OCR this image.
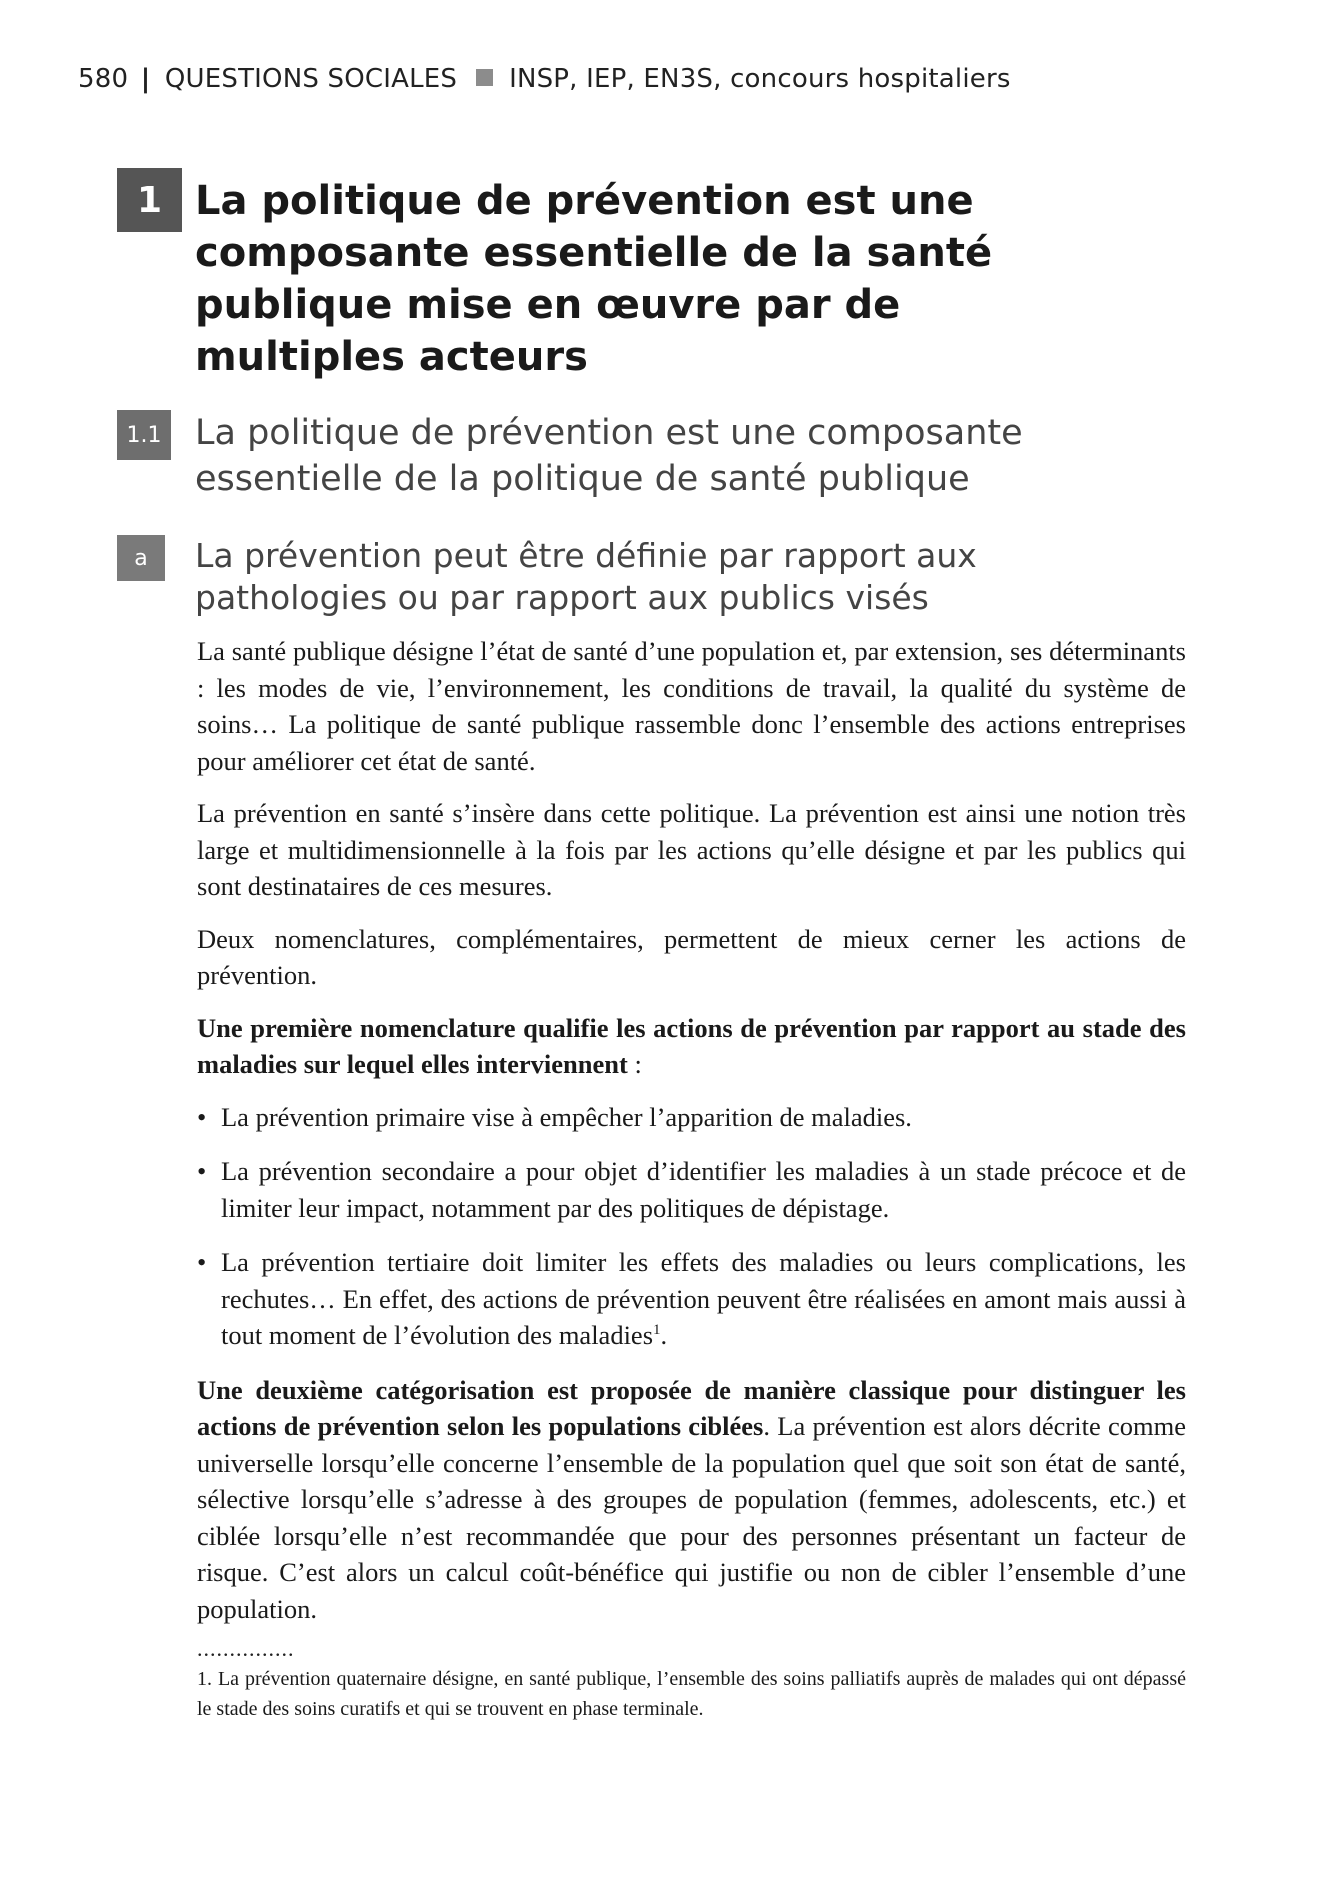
580 | QUESTIONS SOCIALES INSP, IEP, EN3S, concours hospitaliers
1 La politique de prévention est une composante essentielle de la santé publique mise en œuvre par de multiples acteurs
1.1 La politique de prévention est une composante essentielle de la politique de santé publique
a	La prévention peut être définie par rapport aux pathologies ou par rapport aux publics visés

La santé publique désigne l’état de santé d’une population et, par extension, ses déterminants : les modes de vie, l’environnement, les conditions de travail, la qualité du système de soins… La politique de santé publique rassemble donc l’ensemble des actions entreprises pour améliorer cet état de santé.

La prévention en santé s’insère dans cette politique. La prévention est ainsi une notion très large et multidimensionnelle à la fois par les actions qu’elle désigne et par les publics qui sont destinataires de ces mesures.

Deux nomenclatures, complémentaires, permettent de mieux cerner les actions de prévention.

Une première nomenclature qualifie les actions de prévention par rapport au stade des maladies sur lequel elles interviennent :

• La prévention primaire vise à empêcher l’apparition de maladies.
• La prévention secondaire a pour objet d’identifier les maladies à un stade précoce et de limiter leur impact, notamment par des politiques de dépistage.
• La prévention tertiaire doit limiter les effets des maladies ou leurs complications, les rechutes… En effet, des actions de prévention peuvent être réalisées en amont mais aussi à tout moment de l’évolution des maladies$^1$.

Une deuxième catégorisation est proposée de manière classique pour distinguer les actions de prévention selon les populations ciblées. La prévention est alors décrite comme universelle lorsqu’elle concerne l’ensemble de la population quel que soit son état de santé, sélective lorsqu’elle s’adresse à des groupes de population (femmes, adolescents, etc.) et ciblée lorsqu’elle n’est recommandée que pour des personnes présentant un facteur de risque. C’est alors un calcul coût-bénéfice qui justifie ou non de cibler l’ensemble d’une population.

...............
1. La prévention quaternaire désigne, en santé publique, l’ensemble des soins palliatifs auprès de malades qui ont dépassé le stade des soins curatifs et qui se trouvent en phase terminale.
